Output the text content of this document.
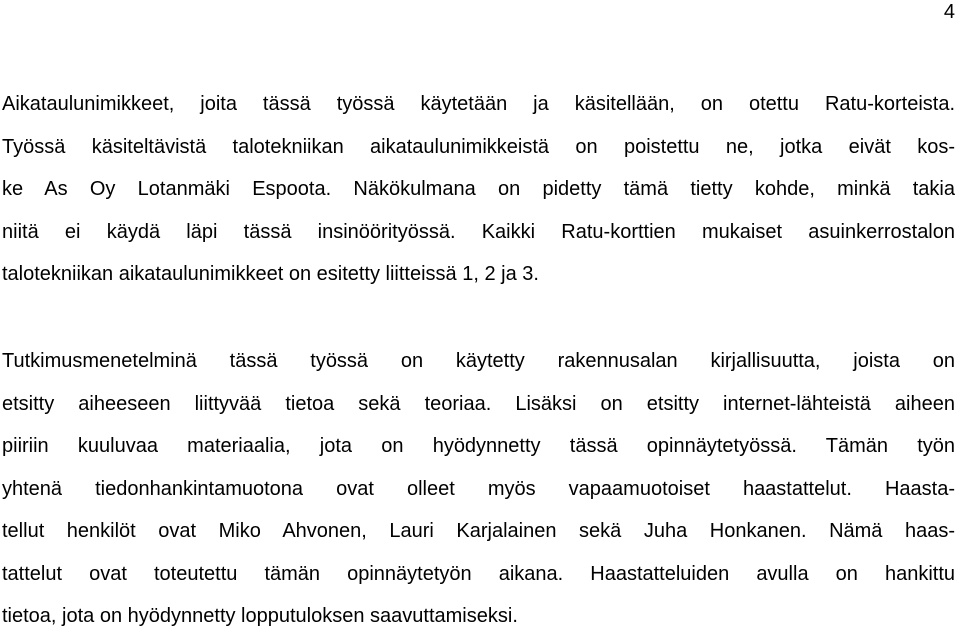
4
Aikataulunimikkeet, joita tässä työssä käytetään ja käsitellään, on otettu Ratu-korteista.
Työssä käsiteltävistä talotekniikan aikataulunimikkeistä on poistettu ne, jotka eivät kos-
ke As Oy Lotanmäki Espoota. Näkökulmana on pidetty tämä tietty kohde, minkä takia
niitä ei käydä läpi tässä insinöörityössä. Kaikki Ratu-korttien mukaiset asuinkerrostalon
talotekniikan aikataulunimikkeet on esitetty liitteissä 1, 2 ja 3.
Tutkimusmenetelminä tässä työssä on käytetty rakennusalan kirjallisuutta, joista on
etsitty aiheeseen liittyvää tietoa sekä teoriaa. Lisäksi on etsitty internet-lähteistä aiheen
piiriin kuuluvaa materiaalia, jota on hyödynnetty tässä opinnäytetyössä. Tämän työn
yhtenä tiedonhankintamuotona ovat olleet myös vapaamuotoiset haastattelut. Haasta-
tellut henkilöt ovat Miko Ahvonen, Lauri Karjalainen sekä Juha Honkanen. Nämä haas-
tattelut ovat toteutettu tämän opinnäytetyön aikana. Haastatteluiden avulla on hankittu
tietoa, jota on hyödynnetty lopputuloksen saavuttamiseksi.
